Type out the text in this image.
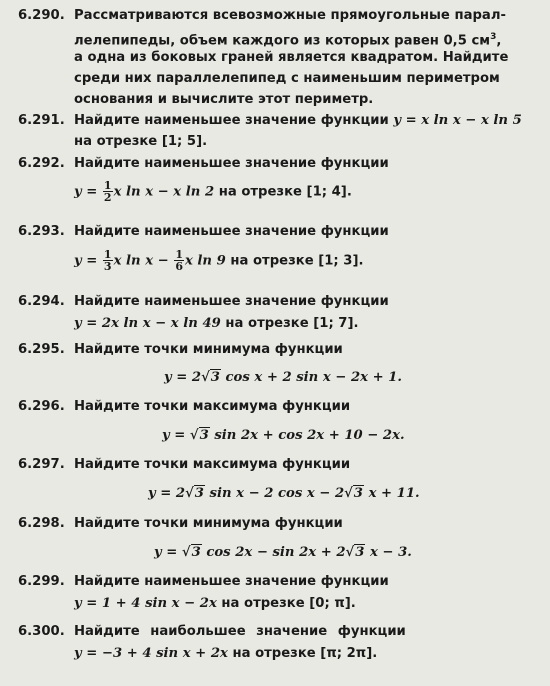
6.290. Рассматриваются всевозможные прямоугольные парал-
лелепипеды, объем каждого из которых равен 0,5 $см^3$,
а одна из боковых граней является квадратом. Найдите
среди них параллелепипед с наименьшим периметром
основания и вычислите этот периметр.
6.291. Найдите наименьшее значение функции y = x ln x − x ln 5
на отрезке [1; 5].
6.292. Найдите наименьшее значение функции
$y = \frac{1}{2}$ x ln x − x ln 2 на отрезке [1; 4].
6.293. Найдите наименьшее значение функции
$y = \frac{1}{3}$ x $\ln x - \frac{1}{6}$ x ln 9 на отрезке [1; 3].
6.294. Найдите наименьшее значение функции
y = 2x ln x − x ln 49 на отрезке [1; 7].
6.295. Найдите точки минимума функции
y = 2√3 cos x + 2 sin x − 2x + 1.
6.296. Найдите точки максимума функции
y = √3 sin 2x + cos 2x + 10 − 2x.
6.297. Найдите точки максимума функции
y = 2√3 sin x − 2 cos x − 2√3 x + 11.
6.298. Найдите точки минимума функции
y = √3 cos 2x − sin 2x + 2√3 x − 3.
6.299. Найдите наименьшее значение функции
y = 1 + 4 sin x − 2x на отрезке [0; π].
6.300. Найдите наибольшее значение функции
y = −3 + 4 sin x + 2x на отрезке [π; 2π].
